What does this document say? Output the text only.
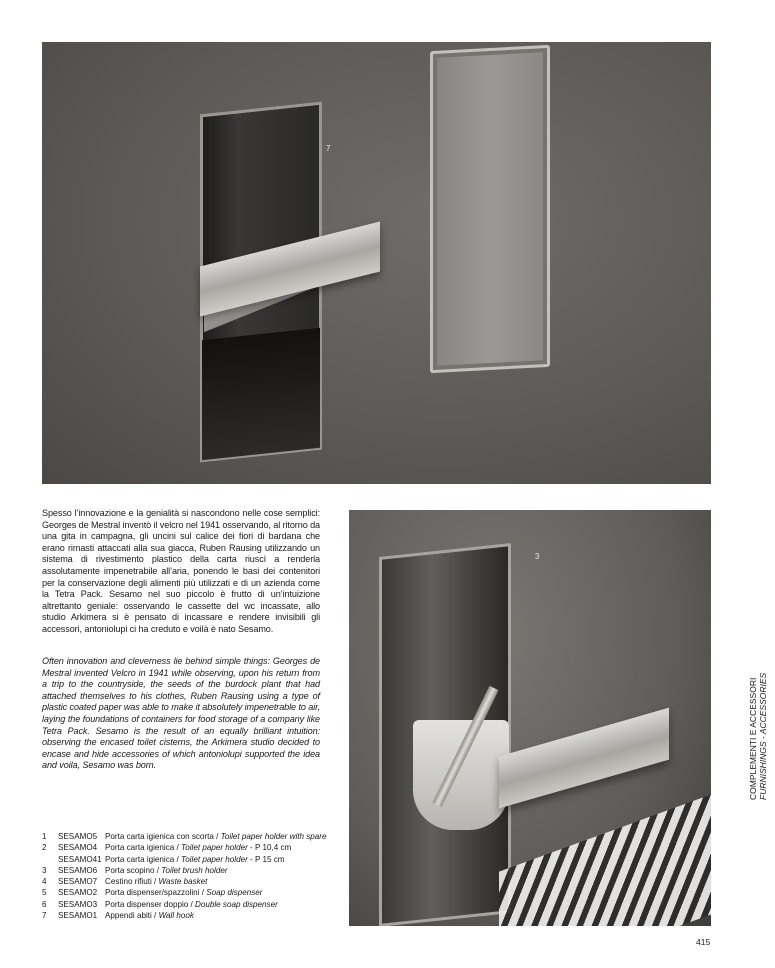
7

Spesso l’innovazione e la genialità si nascondono nelle cose semplici: Georges de Mestral inventò il velcro nel 1941 osservando, al ritorno da una gita in campagna, gli uncini sul calice dei fiori di bardana che erano rimasti attaccati alla sua giacca, Ruben Rausing utilizzando un sistema di rivestimento plastico della carta riuscì a renderla assolutamente impenetrabile all’aria, ponendo le basi dei contenitori per la conservazione degli alimenti più utilizzati e di un azienda come la Tetra Pack. Sesamo nel suo piccolo è frutto di un’intuizione altrettanto geniale: osservando le cassette del wc incassate, allo studio Arkimera si è pensato di incassare e rendere invisibili gli accessori, antoniolupi ci ha creduto e voilà è nato Sesamo.

Often innovation and cleverness lie behind simple things: Georges de Mestral invented Velcro in 1941 while observing, upon his return from a trip to the countryside, the seeds of the burdock plant that had attached themselves to his clothes, Ruben Rausing using a type of plastic coated paper was able to make it absolutely impenetrable to air, laying the foundations of containers for food storage of a company like Tetra Pack. Sesamo is the result of an equally brilliant intuition: observing the encased toilet cisterns, the Arkimera studio decided to encase and hide accessories of which antoniolupi supported the idea and voila, Sesamo was born.

3
1	SESAMO5 Porta carta igienica con scorta / Toilet paper holder with spare
2	SESAMO4 Porta carta igienica / Toilet paper holder - P 10,4 cm
SESAMO41 Porta carta igienica / Toilet paper holder - P 15 cm
3	SESAMO6 Porta scopino / Toilet brush holder
4	SESAMO7 Cestino rifiuti / Waste basket
5	SESAMO2 Porta dispenser/spazzolini / Soap dispenser
6	SESAMO3 Porta dispenser doppio / Double soap dispenser
7	SESAMO1 Appendi abiti / Wall hook
COMPLEMENTI E ACCESSORI FURNISHINGS - ACCESSORIES
415
